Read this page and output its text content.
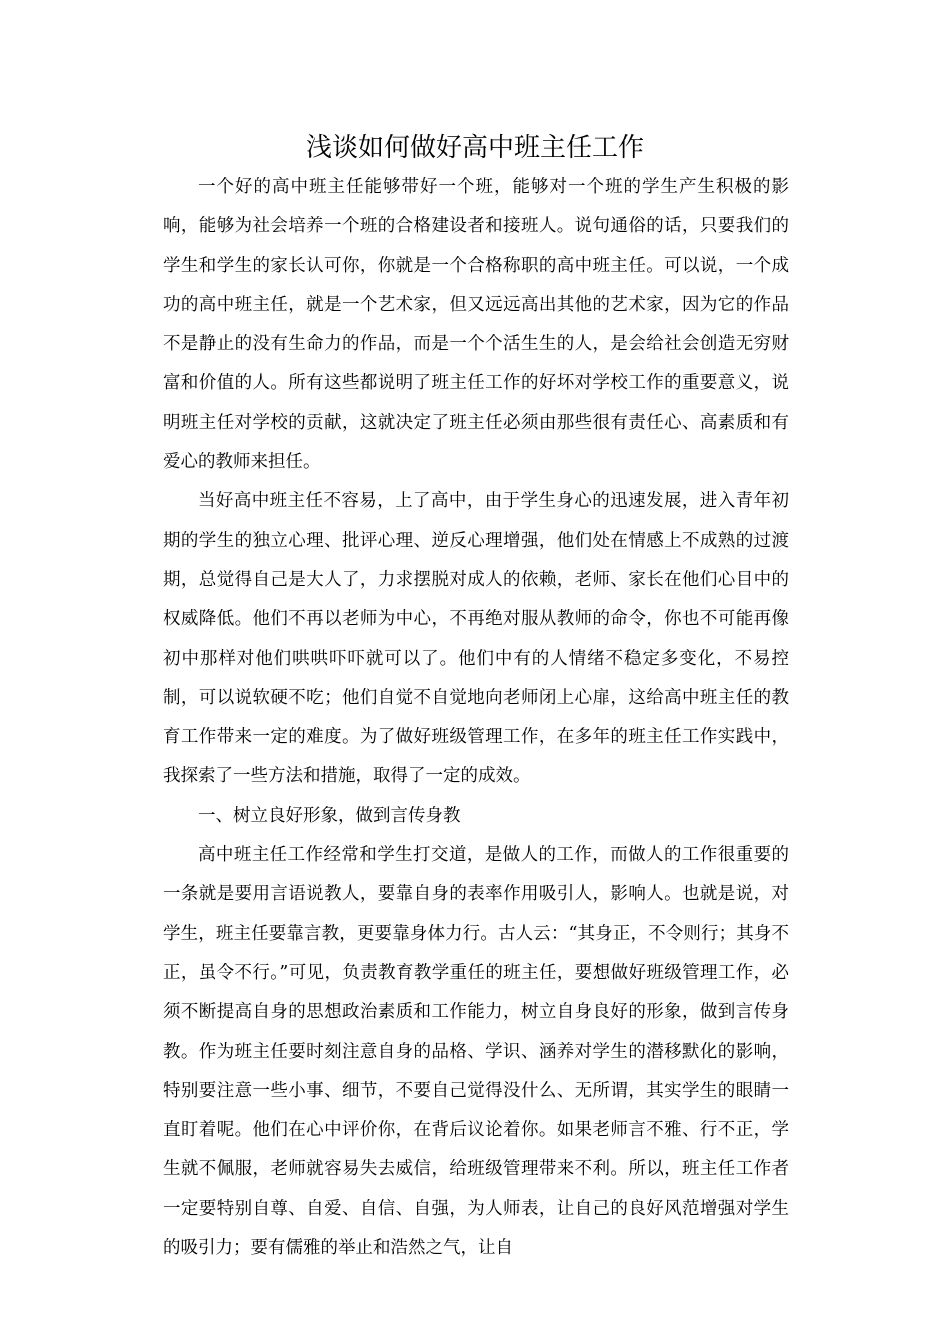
浅谈如何做好高中班主任工作

一个好的高中班主任能够带好一个班，能够对一个班的学生产生积极的影响，能够为社会培养一个班的合格建设者和接班人。说句通俗的话，只要我们的学生和学生的家长认可你，你就是一个合格称职的高中班主任。可以说，一个成功的高中班主任，就是一个艺术家，但又远远高出其他的艺术家，因为它的作品不是静止的没有生命力的作品，而是一个个活生生的人，是会给社会创造无穷财富和价值的人。所有这些都说明了班主任工作的好坏对学校工作的重要意义，说明班主任对学校的贡献，这就决定了班主任必须由那些很有责任心、高素质和有爱心的教师来担任。

当好高中班主任不容易，上了高中，由于学生身心的迅速发展，进入青年初期的学生的独立心理、批评心理、逆反心理增强，他们处在情感上不成熟的过渡期，总觉得自己是大人了，力求摆脱对成人的依赖，老师、家长在他们心目中的权威降低。他们不再以老师为中心，不再绝对服从教师的命令，你也不可能再像初中那样对他们哄哄吓吓就可以了。他们中有的人情绪不稳定多变化，不易控制，可以说软硬不吃；他们自觉不自觉地向老师闭上心扉，这给高中班主任的教育工作带来一定的难度。为了做好班级管理工作，在多年的班主任工作实践中，我探索了一些方法和措施，取得了一定的成效。

一、树立良好形象，做到言传身教

高中班主任工作经常和学生打交道，是做人的工作，而做人的工作很重要的一条就是要用言语说教人，要靠自身的表率作用吸引人，影响人。也就是说，对学生，班主任要靠言教，更要靠身体力行。古人云：“其身正，不令则行；其身不正，虽令不行。”可见，负责教育教学重任的班主任，要想做好班级管理工作，必须不断提高自身的思想政治素质和工作能力，树立自身良好的形象，做到言传身教。作为班主任要时刻注意自身的品格、学识、涵养对学生的潜移默化的影响，特别要注意一些小事、细节，不要自己觉得没什么、无所谓，其实学生的眼睛一直盯着呢。他们在心中评价你，在背后议论着你。如果老师言不雅、行不正，学生就不佩服，老师就容易失去威信，给班级管理带来不利。所以，班主任工作者一定要特别自尊、自爱、自信、自强，为人师表，让自己的良好风范增强对学生的吸引力；要有儒雅的举止和浩然之气，让自
